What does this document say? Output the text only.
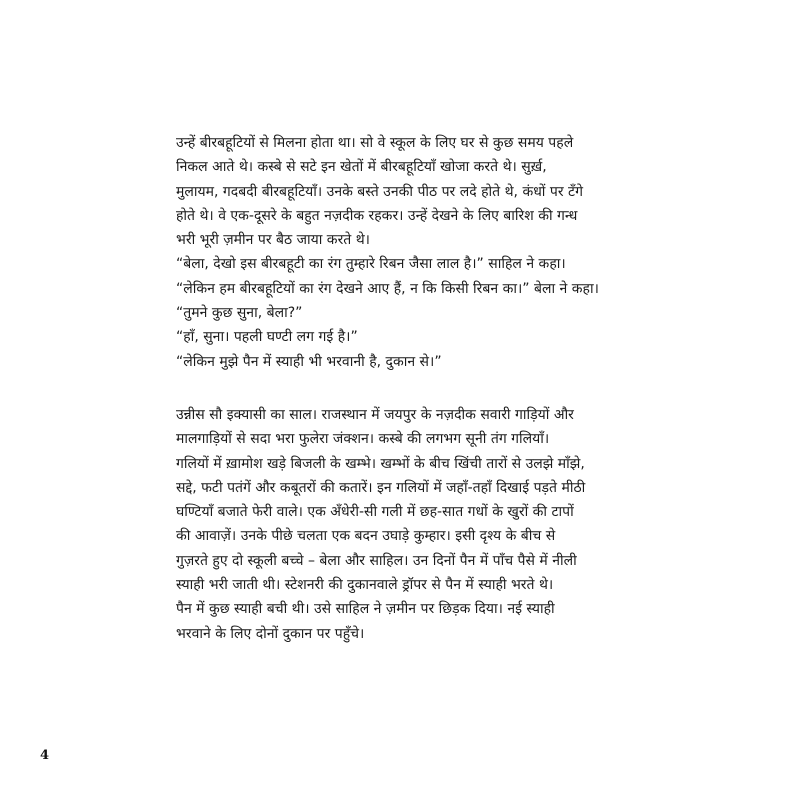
उन्हें बीरबहूटियों से मिलना होता था। सो वे स्कूल के लिए घर से कुछ समय पहले
निकल आते थे। कस्बे से सटे इन खेतों में बीरबहूटियाँ खोजा करते थे। सुर्ख़,
मुलायम, गदबदी बीरबहूटियाँ। उनके बस्ते उनकी पीठ पर लदे होते थे, कंधों पर टँगे
होते थे। वे एक-दूसरे के बहुत नज़दीक रहकर। उन्हें देखने के लिए बारिश की गन्ध
भरी भूरी ज़मीन पर बैठ जाया करते थे।

“बेला, देखो इस बीरबहूटी का रंग तुम्हारे रिबन जैसा लाल है।” साहिल ने कहा।
“लेकिन हम बीरबहूटियों का रंग देखने आए हैं, न कि किसी रिबन का।” बेला ने कहा।
“तुमने कुछ सुना, बेला?”
“हाँ, सुना। पहली घण्टी लग गई है।”
“लेकिन मुझे पैन में स्याही भी भरवानी है, दुकान से।”

उन्नीस सौ इक्यासी का साल। राजस्थान में जयपुर के नज़दीक सवारी गाड़ियों और
मालगाड़ियों से सदा भरा फुलेरा जंक्शन। कस्बे की लगभग सूनी तंग गलियाँ।
गलियों में ख़ामोश खड़े बिजली के खम्भे। खम्भों के बीच खिंची तारों से उलझे माँझे,
सद्दे, फटी पतंगें और कबूतरों की कतारें। इन गलियों में जहाँ-तहाँ दिखाई पड़ते मीठी
घण्टियाँ बजाते फेरी वाले। एक अँधेरी-सी गली में छह-सात गधों के खुरों की टापों
की आवाज़ें। उनके पीछे चलता एक बदन उघाड़े कुम्हार। इसी दृश्य के बीच से
गुज़रते हुए दो स्कूली बच्चे – बेला और साहिल। उन दिनों पैन में पाँच पैसे में नीली
स्याही भरी जाती थी। स्टेशनरी की दुकानवाले ड्रॉपर से पैन में स्याही भरते थे।
पैन में कुछ स्याही बची थी। उसे साहिल ने ज़मीन पर छिड़क दिया। नई स्याही
भरवाने के लिए दोनों दुकान पर पहुँचे।

4
